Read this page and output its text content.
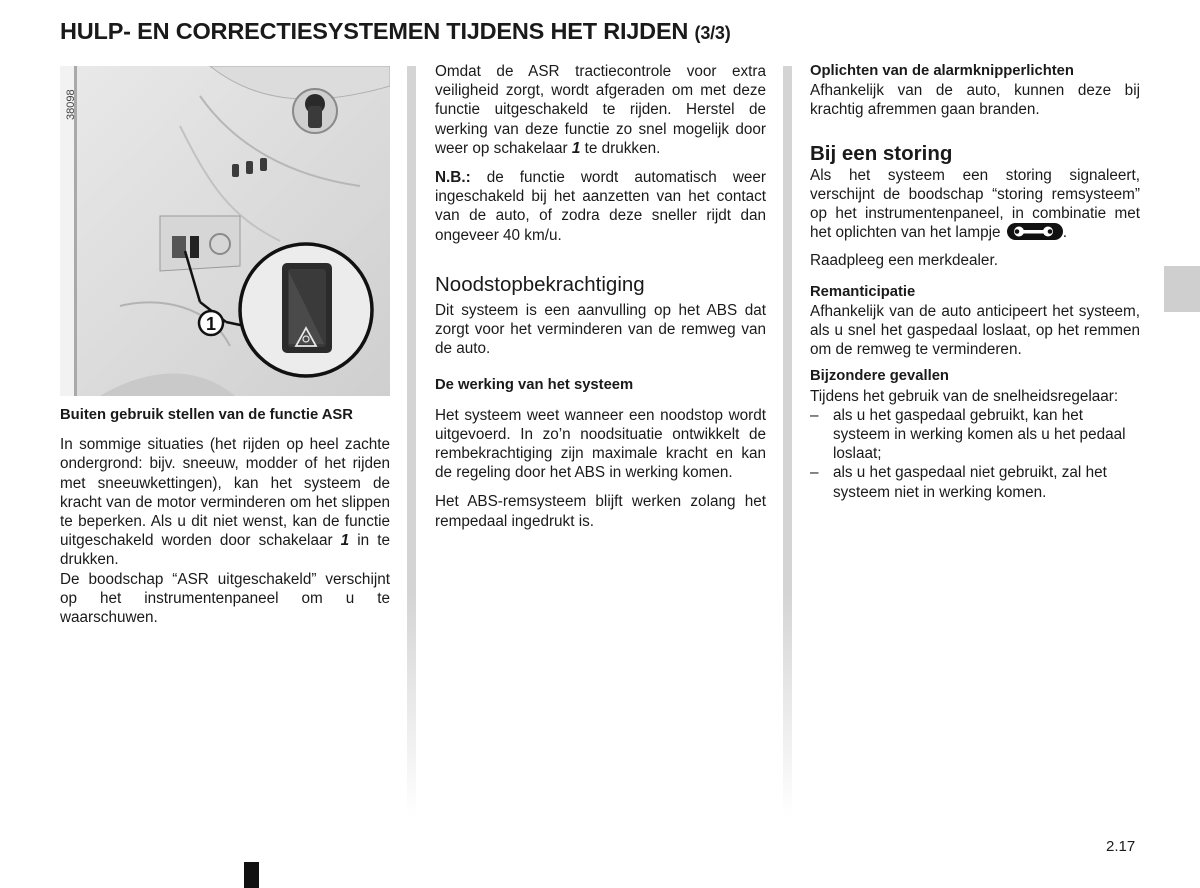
HULP- EN CORRECTIESYSTEMEN TIJDENS HET RIJDEN (3/3)
1
38098

Buiten gebruik stellen van de functie ASR

In sommige situaties (het rijden op heel zachte ondergrond: bijv. sneeuw, modder of het rijden met sneeuwkettingen), kan het systeem de kracht van de motor verminderen om het slippen te beperken. Als u dit niet wenst, kan de functie uitgeschakeld worden door schakelaar 1 in te drukken.

De boodschap “ASR uitgeschakeld” verschijnt op het instrumentenpaneel om u te waarschuwen.

Omdat de ASR tractiecontrole voor extra veiligheid zorgt, wordt afgeraden om met deze functie uitgeschakeld te rijden. Herstel de werking van deze functie zo snel mogelijk door weer op schakelaar 1 te drukken.

N.B.: de functie wordt automatisch weer ingeschakeld bij het aanzetten van het contact van de auto, of zodra deze sneller rijdt dan ongeveer 40 km/u.

Noodstopbekrachtiging

Dit systeem is een aanvulling op het ABS dat zorgt voor het verminderen van de remweg van de auto.

De werking van het systeem

Het systeem weet wanneer een noodstop wordt uitgevoerd. In zo’n noodsituatie ontwikkelt de rembekrachtiging zijn maximale kracht en kan de regeling door het ABS in werking komen.

Het ABS-remsysteem blijft werken zolang het rempedaal ingedrukt is.

Oplichten van de alarmknipperlichten

Afhankelijk van de auto, kunnen deze bij krachtig afremmen gaan branden.

Bij een storing

Als het systeem een storing signaleert, verschijnt de boodschap “storing remsysteem” op het instrumentenpaneel, in combinatie met het oplichten van het lampje	.

Raadpleeg een merkdealer.

Remanticipatie

Afhankelijk van de auto anticipeert het systeem, als u snel het gaspedaal loslaat, op het remmen om de remweg te verminderen.

Bijzondere gevallen

Tijdens het gebruik van de snelheidsregelaar:

– als u het gaspedaal gebruikt, kan het systeem in werking komen als u het pedaal loslaat;
– als u het gaspedaal niet gebruikt, zal het systeem niet in werking komen.
2.17
